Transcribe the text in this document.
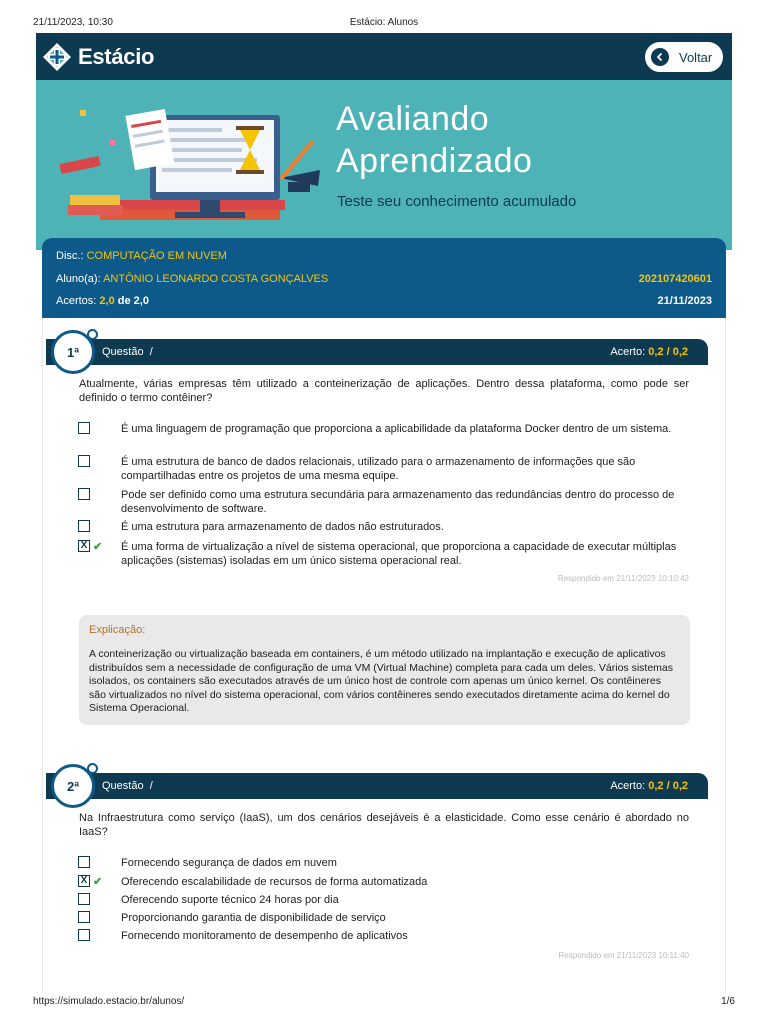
21/11/2023, 10:30	Estácio: Alunos
Estácio	Voltar
Avaliando
Aprendizado
Teste seu conhecimento acumulado
Disc.: COMPUTAÇÃO EM NUVEM
Aluno(a): ANTÔNIO LEONARDO COSTA GONÇALVES	202107420601
Acertos: 2,0 de 2,0	21/11/2023
Questão /	Acerto: 0,2 / 0,2
1ª
Atualmente, várias empresas têm utilizado a conteinerização de aplicações. Dentro dessa plataforma, como pode ser definido o termo contêiner?
É uma linguagem de programação que proporciona a aplicabilidade da plataforma Docker dentro de um sistema.
É uma estrutura de banco de dados relacionais, utilizado para o armazenamento de informações que são compartilhadas entre os projetos de uma mesma equipe.
Pode ser definido como uma estrutura secundária para armazenamento das redundâncias dentro do processo de desenvolvimento de software.
É uma estrutura para armazenamento de dados não estruturados.
X ✔ É uma forma de virtualização a nível de sistema operacional, que proporciona a capacidade de executar múltiplas aplicações (sistemas) isoladas em um único sistema operacional real.
Respondido em 21/11/2023 10:10:42
Explicação:
A conteinerização ou virtualização baseada em containers, é um método utilizado na implantação e execução de aplicativos distribuídos sem a necessidade de configuração de uma VM (Virtual Machine) completa para cada um deles. Vários sistemas isolados, os containers são executados através de um único host de controle com apenas um único kernel. Os contêineres são virtualizados no nível do sistema operacional, com vários contêineres sendo executados diretamente acima do kernel do Sistema Operacional.
Questão /	Acerto: 0,2 / 0,2
2ª
Na Infraestrutura como serviço (IaaS), um dos cenários desejáveis é a elasticidade. Como esse cenário é abordado no IaaS?
Fornecendo segurança de dados em nuvem
X ✔ Oferecendo escalabilidade de recursos de forma automatizada
Oferecendo suporte técnico 24 horas por dia
Proporcionando garantia de disponibilidade de serviço
Fornecendo monitoramento de desempenho de aplicativos
Respondido em 21/11/2023 10:11:40
https://simulado.estacio.br/alunos/	1/6
